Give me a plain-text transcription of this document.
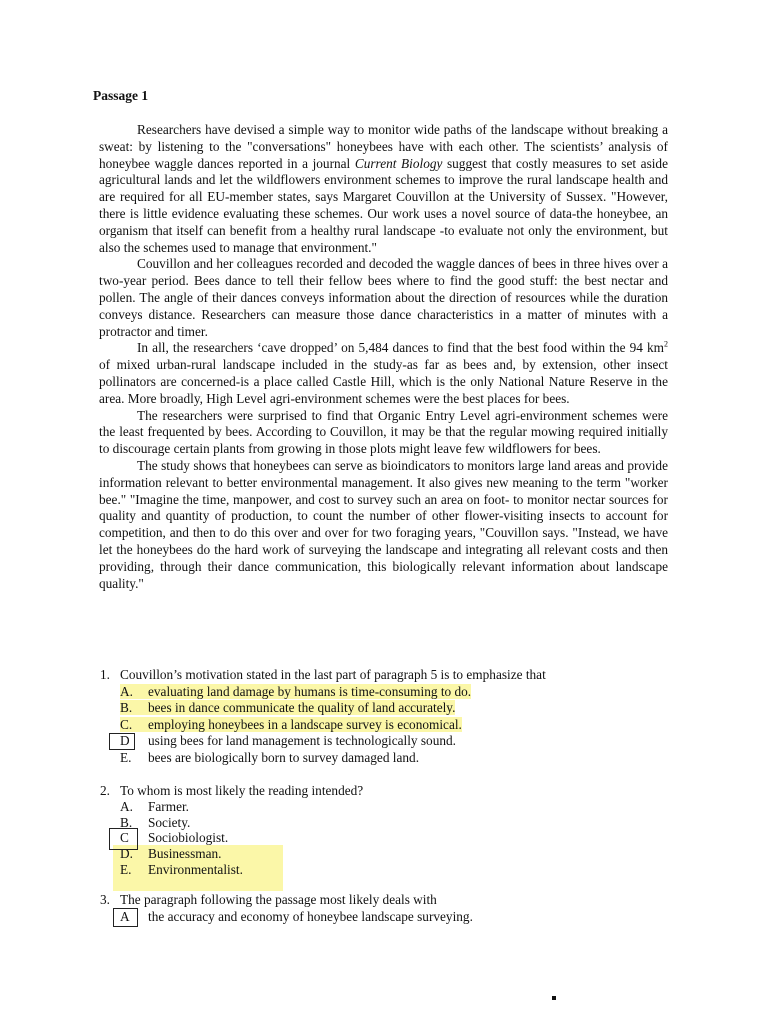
Passage 1

Researchers have devised a simple way to monitor wide paths of the landscape without breaking a sweat: by listening to the "conversations" honeybees have with each other. The scientists’ analysis of honeybee waggle dances reported in a journal Current Biology suggest that costly measures to set aside agricultural lands and let the wildflowers environment schemes to improve the rural landscape health and are required for all EU-member states, says Margaret Couvillon at the University of Sussex. "However, there is little evidence evaluating these schemes. Our work uses a novel source of data-the honeybee, an organism that itself can benefit from a healthy rural landscape -to evaluate not only the environment, but also the schemes used to manage that environment."

Couvillon and her colleagues recorded and decoded the waggle dances of bees in three hives over a two-year period. Bees dance to tell their fellow bees where to find the good stuff: the best nectar and pollen. The angle of their dances conveys information about the direction of resources while the duration conveys distance. Researchers can measure those dance characteristics in a matter of minutes with a protractor and timer.

In all, the researchers ‘cave dropped’ on 5,484 dances to find that the best food within the 94 $km^2$ of mixed urban-rural landscape included in the study-as far as bees and, by extension, other insect pollinators are concerned-is a place called Castle Hill, which is the only National Nature Reserve in the area. More broadly, High Level agri-environment schemes were the best places for bees.

The researchers were surprised to find that Organic Entry Level agri-environment schemes were the least frequented by bees. According to Couvillon, it may be that the regular mowing required initially to discourage certain plants from growing in those plots might leave few wildflowers for bees.

The study shows that honeybees can serve as bioindicators to monitors large land areas and provide information relevant to better environmental management. It also gives new meaning to the term "worker bee." "Imagine the time, manpower, and cost to survey such an area on foot- to monitor nectar sources for quality and quantity of production, to count the number of other flower-visiting insects to account for competition, and then to do this over and over for two foraging years, "Couvillon says. "Instead, we have let the honeybees do the hard work of surveying the landscape and integrating all relevant costs and then providing, through their dance communication, this biologically relevant information about landscape quality."

1. Couvillon’s motivation stated in the last part of paragraph 5 is to emphasize that
A. evaluating land damage by humans is time-consuming to do.
B. bees in dance communicate the quality of land accurately.
C. employing honeybees in a landscape survey is economical.
D using bees for land management is technologically sound.
E. bees are biologically born to survey damaged land.
2. To whom is most likely the reading intended?
A. Farmer.
B. Society.
C Sociobiologist.
D. Businessman.
E. Environmentalist.
3. The paragraph following the passage most likely deals with
A the accuracy and economy of honeybee landscape surveying.
